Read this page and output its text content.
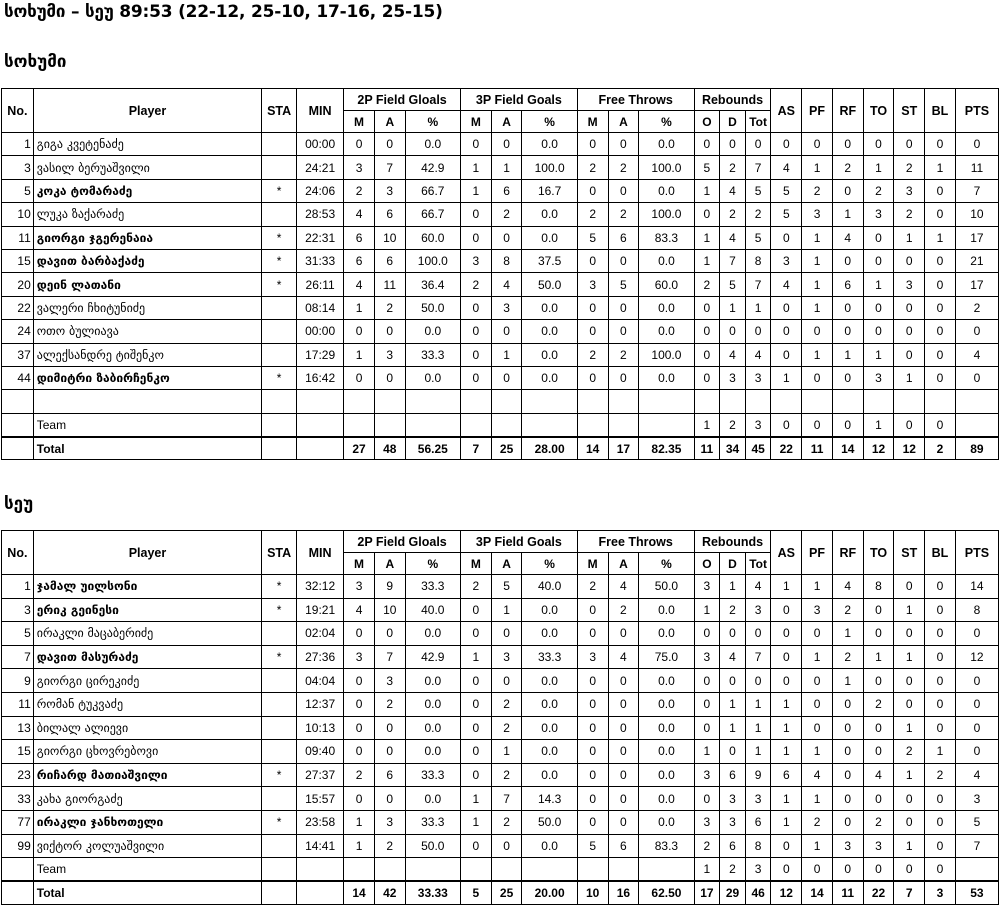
სოხუმი – სეუ 89:53 (22-12, 25-10, 17-16, 25-15)
სოხუმი
No.	Player	STA	MIN	2P Field Gloals			3P Field Goals			Free Throws			Rebounds			AS	PF	RF	TO	ST	BL	PTS
				M	A	%	M	A	%	M	A	%	O	D	Tot							
1	გიგა კვეტენაძე		00:00	0	0	0.0	0	0	0.0	0	0	0.0	0	0	0	0	0	0	0	0	0	0
3	ვასილ ბერუაშვილი		24:21	3	7	42.9	1	1	100.0	2	2	100.0	5	2	7	4	1	2	1	2	1	11
5	კოკა ტომარაძე	*	24:06	2	3	66.7	1	6	16.7	0	0	0.0	1	4	5	5	2	0	2	3	0	7
10	ლუკა ზაქარაძე		28:53	4	6	66.7	0	2	0.0	2	2	100.0	0	2	2	5	3	1	3	2	0	10
11	გიორგი ჯგერენაია	*	22:31	6	10	60.0	0	0	0.0	5	6	83.3	1	4	5	0	1	4	0	1	1	17
15	დავით ბარბაქაძე	*	31:33	6	6	100.0	3	8	37.5	0	0	0.0	1	7	8	3	1	0	0	0	0	21
20	დეინ ლათანი	*	26:11	4	11	36.4	2	4	50.0	3	5	60.0	2	5	7	4	1	6	1	3	0	17
22	ვალერი ჩხიტუნიძე		08:14	1	2	50.0	0	3	0.0	0	0	0.0	0	1	1	0	1	0	0	0	0	2
24	ოთო ბულიავა		00:00	0	0	0.0	0	0	0.0	0	0	0.0	0	0	0	0	0	0	0	0	0	0
37	ალექსანდრე ტიშენკო		17:29	1	3	33.3	0	1	0.0	2	2	100.0	0	4	4	0	1	1	1	0	0	4
44	დიმიტრი ზაბირჩენკო	*	16:42	0	0	0.0	0	0	0.0	0	0	0.0	0	3	3	1	0	0	3	1	0	0

	Team												1	2	3	0	0	0	1	0	0	
	Total			27	48	56.25	7	25	28.00	14	17	82.35	11	34	45	22	11	14	12	12	2	89
სეუ
No.	Player	STA	MIN	2P Field Gloals			3P Field Goals			Free Throws			Rebounds			AS	PF	RF	TO	ST	BL	PTS
				M	A	%	M	A	%	M	A	%	O	D	Tot							
1	ჯამალ უილსონი	*	32:12	3	9	33.3	2	5	40.0	2	4	50.0	3	1	4	1	1	4	8	0	0	14
3	ერიკ გეინესი	*	19:21	4	10	40.0	0	1	0.0	0	2	0.0	1	2	3	0	3	2	0	1	0	8
5	ირაკლი მაცაბერიძე		02:04	0	0	0.0	0	0	0.0	0	0	0.0	0	0	0	0	0	1	0	0	0	0
7	დავით მასურაძე	*	27:36	3	7	42.9	1	3	33.3	3	4	75.0	3	4	7	0	1	2	1	1	0	12
9	გიორგი ცირეკიძე		04:04	0	3	0.0	0	0	0.0	0	0	0.0	0	0	0	0	0	1	0	0	0	0
11	რომან ტუკვაძე		12:37	0	2	0.0	0	2	0.0	0	0	0.0	0	1	1	1	0	0	2	0	0	0
13	ბილალ ალიევი		10:13	0	0	0.0	0	2	0.0	0	0	0.0	0	1	1	1	0	0	0	1	0	0
15	გიორგი ცხოვრებოვი		09:40	0	0	0.0	0	1	0.0	0	0	0.0	1	0	1	1	1	0	0	2	1	0
23	რიჩარდ მათიაშვილი	*	27:37	2	6	33.3	0	2	0.0	0	0	0.0	3	6	9	6	4	0	4	1	2	4
33	კახა გიორგაძე		15:57	0	0	0.0	1	7	14.3	0	0	0.0	0	3	3	1	1	0	0	0	0	3
77	ირაკლი ჯანხოთელი	*	23:58	1	3	33.3	1	2	50.0	0	0	0.0	3	3	6	1	2	0	2	0	0	5
99	ვიქტორ კოლუაშვილი		14:41	1	2	50.0	0	0	0.0	5	6	83.3	2	6	8	0	1	3	3	1	0	7
	Team												1	2	3	0	0	0	0	0	0	
	Total			14	42	33.33	5	25	20.00	10	16	62.50	17	29	46	12	14	11	22	7	3	53
